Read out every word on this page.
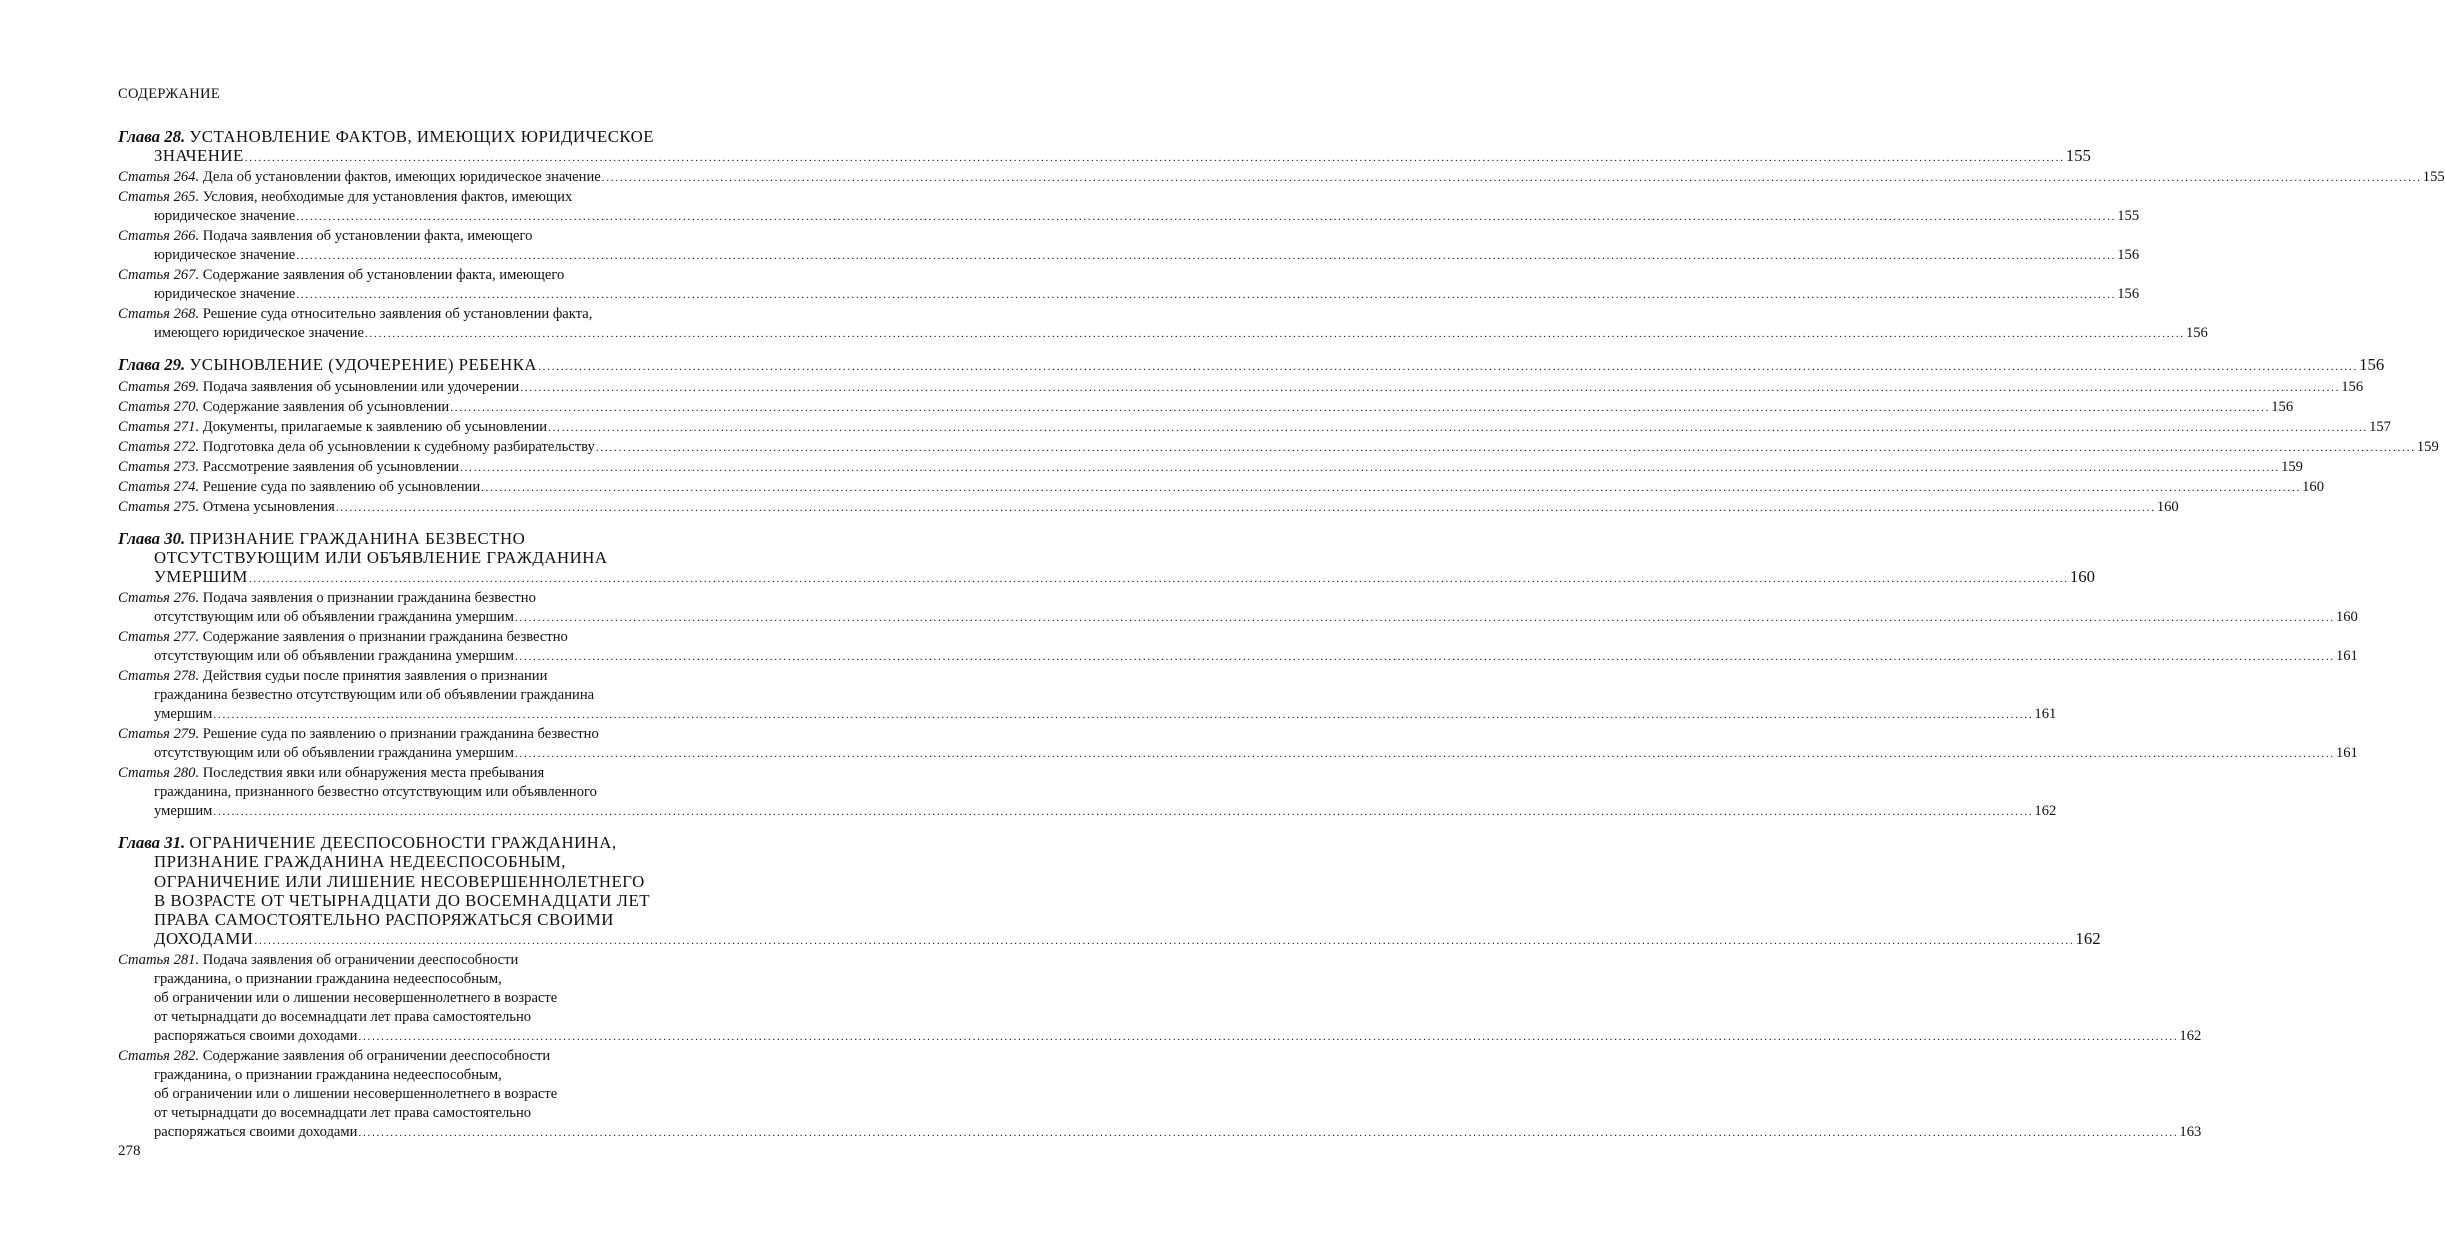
СОДЕРЖАНИЕ
Глава 28. УСТАНОВЛЕНИЕ ФАКТОВ, ИМЕЮЩИХ ЮРИДИЧЕСКОЕ
ЗНАЧЕНИЕ ................................................................................................................................................................................................................................................................................................................................................................................................................ 155
Статья 264. Дела об установлении фактов, имеющих юридическое значение ................................................................................................................................................................................................................................................................................................................................................................................................................ 155
Статья 265. Условия, необходимые для установления фактов, имеющих
юридическое значение ................................................................................................................................................................................................................................................................................................................................................................................................................ 155
Статья 266. Подача заявления об установлении факта, имеющего
юридическое значение ................................................................................................................................................................................................................................................................................................................................................................................................................ 156
Статья 267. Содержание заявления об установлении факта, имеющего
юридическое значение ................................................................................................................................................................................................................................................................................................................................................................................................................ 156
Статья 268. Решение суда относительно заявления об установлении факта,
имеющего юридическое значение ................................................................................................................................................................................................................................................................................................................................................................................................................ 156
Глава 29. УСЫНОВЛЕНИЕ (УДОЧЕРЕНИЕ) РЕБЕНКА ................................................................................................................................................................................................................................................................................................................................................................................................................ 156
Статья 269. Подача заявления об усыновлении или удочерении ................................................................................................................................................................................................................................................................................................................................................................................................................ 156
Статья 270. Содержание заявления об усыновлении ................................................................................................................................................................................................................................................................................................................................................................................................................ 156
Статья 271. Документы, прилагаемые к заявлению об усыновлении ................................................................................................................................................................................................................................................................................................................................................................................................................ 157
Статья 272. Подготовка дела об усыновлении к судебному разбирательству ................................................................................................................................................................................................................................................................................................................................................................................................................ 159
Статья 273. Рассмотрение заявления об усыновлении ................................................................................................................................................................................................................................................................................................................................................................................................................ 159
Статья 274. Решение суда по заявлению об усыновлении ................................................................................................................................................................................................................................................................................................................................................................................................................ 160
Статья 275. Отмена усыновления ................................................................................................................................................................................................................................................................................................................................................................................................................ 160
Глава 30. ПРИЗНАНИЕ ГРАЖДАНИНА БЕЗВЕСТНО
ОТСУТСТВУЮЩИМ ИЛИ ОБЪЯВЛЕНИЕ ГРАЖДАНИНА
УМЕРШИМ ................................................................................................................................................................................................................................................................................................................................................................................................................ 160
Статья 276. Подача заявления о признании гражданина безвестно
отсутствующим или об объявлении гражданина умершим ................................................................................................................................................................................................................................................................................................................................................................................................................ 160
Статья 277. Содержание заявления о признании гражданина безвестно
отсутствующим или об объявлении гражданина умершим ................................................................................................................................................................................................................................................................................................................................................................................................................ 161
Статья 278. Действия судьи после принятия заявления о признании
гражданина безвестно отсутствующим или об объявлении гражданина
умершим ................................................................................................................................................................................................................................................................................................................................................................................................................ 161
Статья 279. Решение суда по заявлению о признании гражданина безвестно
отсутствующим или об объявлении гражданина умершим ................................................................................................................................................................................................................................................................................................................................................................................................................ 161
Статья 280. Последствия явки или обнаружения места пребывания
гражданина, признанного безвестно отсутствующим или объявленного
умершим ................................................................................................................................................................................................................................................................................................................................................................................................................ 162
Глава 31. ОГРАНИЧЕНИЕ ДЕЕСПОСОБНОСТИ ГРАЖДАНИНА,
ПРИЗНАНИЕ ГРАЖДАНИНА НЕДЕЕСПОСОБНЫМ,
ОГРАНИЧЕНИЕ ИЛИ ЛИШЕНИЕ НЕСОВЕРШЕННОЛЕТНЕГО
В ВОЗРАСТЕ ОТ ЧЕТЫРНАДЦАТИ ДО ВОСЕМНАДЦАТИ ЛЕТ
ПРАВА САМОСТОЯТЕЛЬНО РАСПОРЯЖАТЬСЯ СВОИМИ
ДОХОДАМИ ................................................................................................................................................................................................................................................................................................................................................................................................................ 162
Статья 281. Подача заявления об ограничении дееспособности
гражданина, о признании гражданина недееспособным,
об ограничении или о лишении несовершеннолетнего в возрасте
от четырнадцати до восемнадцати лет права самостоятельно
распоряжаться своими доходами ................................................................................................................................................................................................................................................................................................................................................................................................................ 162
Статья 282. Содержание заявления об ограничении дееспособности
гражданина, о признании гражданина недееспособным,
об ограничении или о лишении несовершеннолетнего в возрасте
от четырнадцати до восемнадцати лет права самостоятельно
распоряжаться своими доходами ................................................................................................................................................................................................................................................................................................................................................................................................................ 163
278
